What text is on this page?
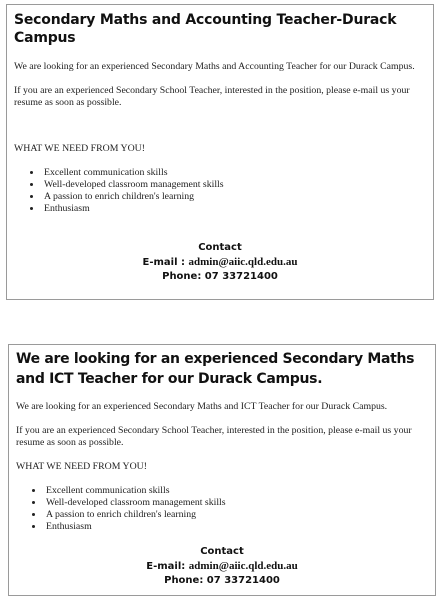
Secondary Maths and Accounting Teacher-Durack Campus

We are looking for an experienced Secondary Maths and Accounting Teacher for our Durack Campus.

If you are an experienced Secondary School Teacher, interested in the position, please e-mail us your resume as soon as possible.

WHAT WE NEED FROM YOU!

• Excellent communication skills
• Well-developed classroom management skills
• A passion to enrich children's learning
• Enthusiasm
Contact
E-mail : admin@aiic.qld.edu.au
Phone: 07 33721400
We are looking for an experienced Secondary Maths and ICT Teacher for our Durack Campus.

We are looking for an experienced Secondary Maths and ICT Teacher for our Durack Campus.

If you are an experienced Secondary School Teacher, interested in the position, please e-mail us your resume as soon as possible.

WHAT WE NEED FROM YOU!

• Excellent communication skills
• Well-developed classroom management skills
• A passion to enrich children's learning
• Enthusiasm
Contact
E-mail: admin@aiic.qld.edu.au
Phone: 07 33721400
